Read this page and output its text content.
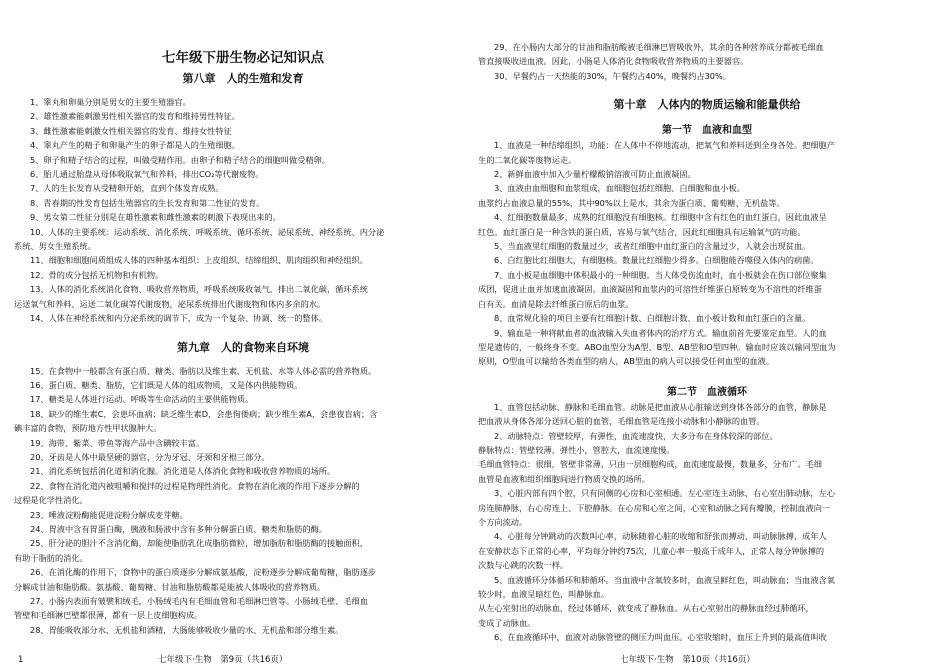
七年级下册生物必记知识点
第八章　人的生殖和发育
1、睾丸和卵巢分别是男女的主要生殖器官。
2、雄性激素能刺激男性相关器官的发育和维持男性特征。
3、雌性激素能刺激女性相关器官的发育、维持女性特征
4、睾丸产生的精子和卵巢产生的卵子都是人的生殖细胞。
5、卵子和精子结合的过程，叫做受精作用。由卵子和精子结合的细胞叫做受精卵。
6、胎儿通过胎盘从母体吸取氧气和养料，排出CO₂等代谢废物。
7、人的生长发育从受精卵开始，直到个体发育成熟。
8、青春期的性发育包括生殖器官的生长发育和第二性征的发育。
9、男女第二性征分别是在雄性激素和雌性激素的刺激下表现出来的。
10、人体的主要系统：运动系统、消化系统、呼吸系统、循环系统、泌尿系统、神经系统、内分泌
系统、男女生殖系统。
11、细胞和细胞间质组成人体的四种基本组织：上皮组织、结缔组织、肌肉组织和神经组织。
12、骨的成分包括无机物和有机物。
13、人体的消化系统消化食物、吸收营养物质，呼吸系统吸收氧气，排出二氧化碳，循环系统
运送氧气和养料、运送二氧化碳等代谢废物，泌尿系统排出代谢废物和体内多余的水。
14、人体在神经系统和内分泌系统的调节下，成为一个复杂、协调、统一的整体。
第九章　人的食物来自环境
15、在食物中一般都含有蛋白质、糖类、脂肪以及维生素、无机盐、水等人体必需的营养物质。
16、蛋白质、糖类、脂肪，它们既是人体的组成物质，又是体内供能物质。
17、糖类是人体进行运动、呼吸等生命活动的主要供能物质。
18、缺少的维生素C，会患坏血病；缺乏维生素D，会患佝偻病；缺少维生素A，会患夜盲病；含
碘丰富的食物，预防地方性甲状腺肿大。
19、海带、紫菜、带鱼等海产品中含碘较丰富。
20、牙齿是人体中最坚硬的器官，分为牙冠、牙颈和牙根三部分。
21、消化系统包括消化道和消化腺。消化道是人体消化食物和吸收营养物质的场所。
22、食物在消化道内被咀嚼和搅拌的过程是物理性消化。食物在消化液的作用下逐步分解的
过程是化学性消化。
23、唾液淀粉酶能促进淀粉分解成麦芽糖。
24、胃液中含有胃蛋白酶，胰液和肠液中含有多种分解蛋白质、糖类和脂肪的酶。
25、肝分泌的胆汁不含消化酶，却能使脂肪乳化成脂肪微粒，增加脂肪和脂肪酶的接触面积，
有助于脂肪的消化。
26、在消化酶的作用下，食物中的蛋白质逐步分解成氨基酸，淀粉逐步分解成葡萄糖，脂肪逐步
分解成甘油和脂肪酸。氨基酸、葡萄糖、甘油和脂肪酸都是能被人体吸收的营养物质。
27、小肠内表面有皱襞和绒毛，小肠绒毛内有毛细血管和毛细淋巴管等。小肠绒毛壁、毛细血
管壁和毛细淋巴壁都很薄，都有一层上皮细胞构成。
28、胃能吸收部分水、无机盐和酒精，大肠能够吸收少量的水、无机盐和部分维生素。
29、在小肠内大部分的甘油和脂肪酸被毛细淋巴管吸收外，其余的各种营养成分都被毛细血
管直接吸收进血液。因此，小肠是人体消化食物吸收营养物质的主要器官。
30、早餐约占一天热能的30%，午餐约占40%，晚餐约占30%。
第十章　人体内的物质运输和能量供给
第一节　血液和血型
1、血液是一种结缔组织，功能：在人体中不停地流动，把氧气和养料送到全身各处。把细胞产
生的二氧化碳等废物运走。
2、新鲜血液中加入少量柠檬酸钠溶液可防止血液凝固。
3、血液由血细胞和血浆组成，血细胞包括红细胞、白细胞和血小板。
血浆约占血液总量的55%，其中90%以上是水，其余为蛋白质、葡萄糖、无机盐等。
4、红细胞数量最多，成熟的红细胞没有细胞核。红细胞中含有红色的血红蛋白，因此血液呈
红色。血红蛋白是一种含铁的蛋白质，容易与氧气结合，因此红细胞具有运输氧气的功能。
5、当血液里红细胞的数量过少，或者红细胞中血红蛋白的含量过少，人就会出现贫血。
6、白红胞比红细胞大，有细胞核。数量比红细胞少得多。白细胞能吞噬侵入体内的病菌。
7、血小板是血细胞中体积最小的一种细胞。当人体受伤流血时，血小板就会在伤口部位聚集
成团，促进止血并加速血液凝固。血液凝固和血浆内的可溶性纤维蛋白原转变为不溶性的纤维蛋
白有关。血清是除去纤维蛋白原后的血浆。
8、血常规化验的项目主要有红细胞计数、白细胞计数、血小板计数和血红蛋白的含量。
9、输血是一种将献血者的血液输入失血者体内的治疗方式。输血前首先要鉴定血型。人的血
型是遗传的，一般终身不变。ABO血型分为A型、B型、AB型和O型四种。输血时应该以输同型血为
原则，O型血可以输给各类血型的病人，AB型血的病人可以接受任何血型的血液。
第二节　血液循环
1、血管包括动脉、静脉和毛细血管。动脉是把血液从心脏输送到身体各部分的血管，静脉是
把血液从身体各部分送回心脏的血管，毛细血管是连接小动脉和小静脉的血管。
2、动脉特点：管壁较厚，有弹性，血流速度快，大多分布在身体较深的部位。
静脉特点：管壁较薄，弹性小，管腔大，血流速度慢。
毛细血管特点：很细，管壁非常薄，只由一层细胞构成，血流速度最慢，数量多，分布广。毛细
血管是血液和组织细胞间进行物质交换的场所。
3、心脏内部有四个腔，只有同侧的心房和心室相通。左心室连主动脉，右心室出肺动脉，左心
房连肺静脉，右心房连上、下腔静脉。在心房和心室之间，心室和动脉之间有瓣膜，控制血液向一
个方向流动。
4、心脏每分钟跳动的次数叫心率，动脉随着心脏的收缩和舒张而搏动，叫动脉脉搏，成年人
在安静状态下正常的心率，平均每分钟约75次，儿童心率一般高于成年人，正常人每分钟脉搏的
次数与心跳的次数一样。
5、血液循环分体循环和肺循环。当血液中含氧较多时，血液呈鲜红色，叫动脉血；当血液含氧
较少时，血液呈暗红色，叫静脉血。
从左心室射出的动脉血，经过体循环，就变成了静脉血。从右心室射出的静脉血经过肺循环，
变成了动脉血。
6、在血液循环中，血液对动脉管壁的侧压力叫血压。心室收缩时，血压上升到的最高值叫收
1	七年级下·生物　第9页（共16页）	七年级下·生物　第10页（共16页）
